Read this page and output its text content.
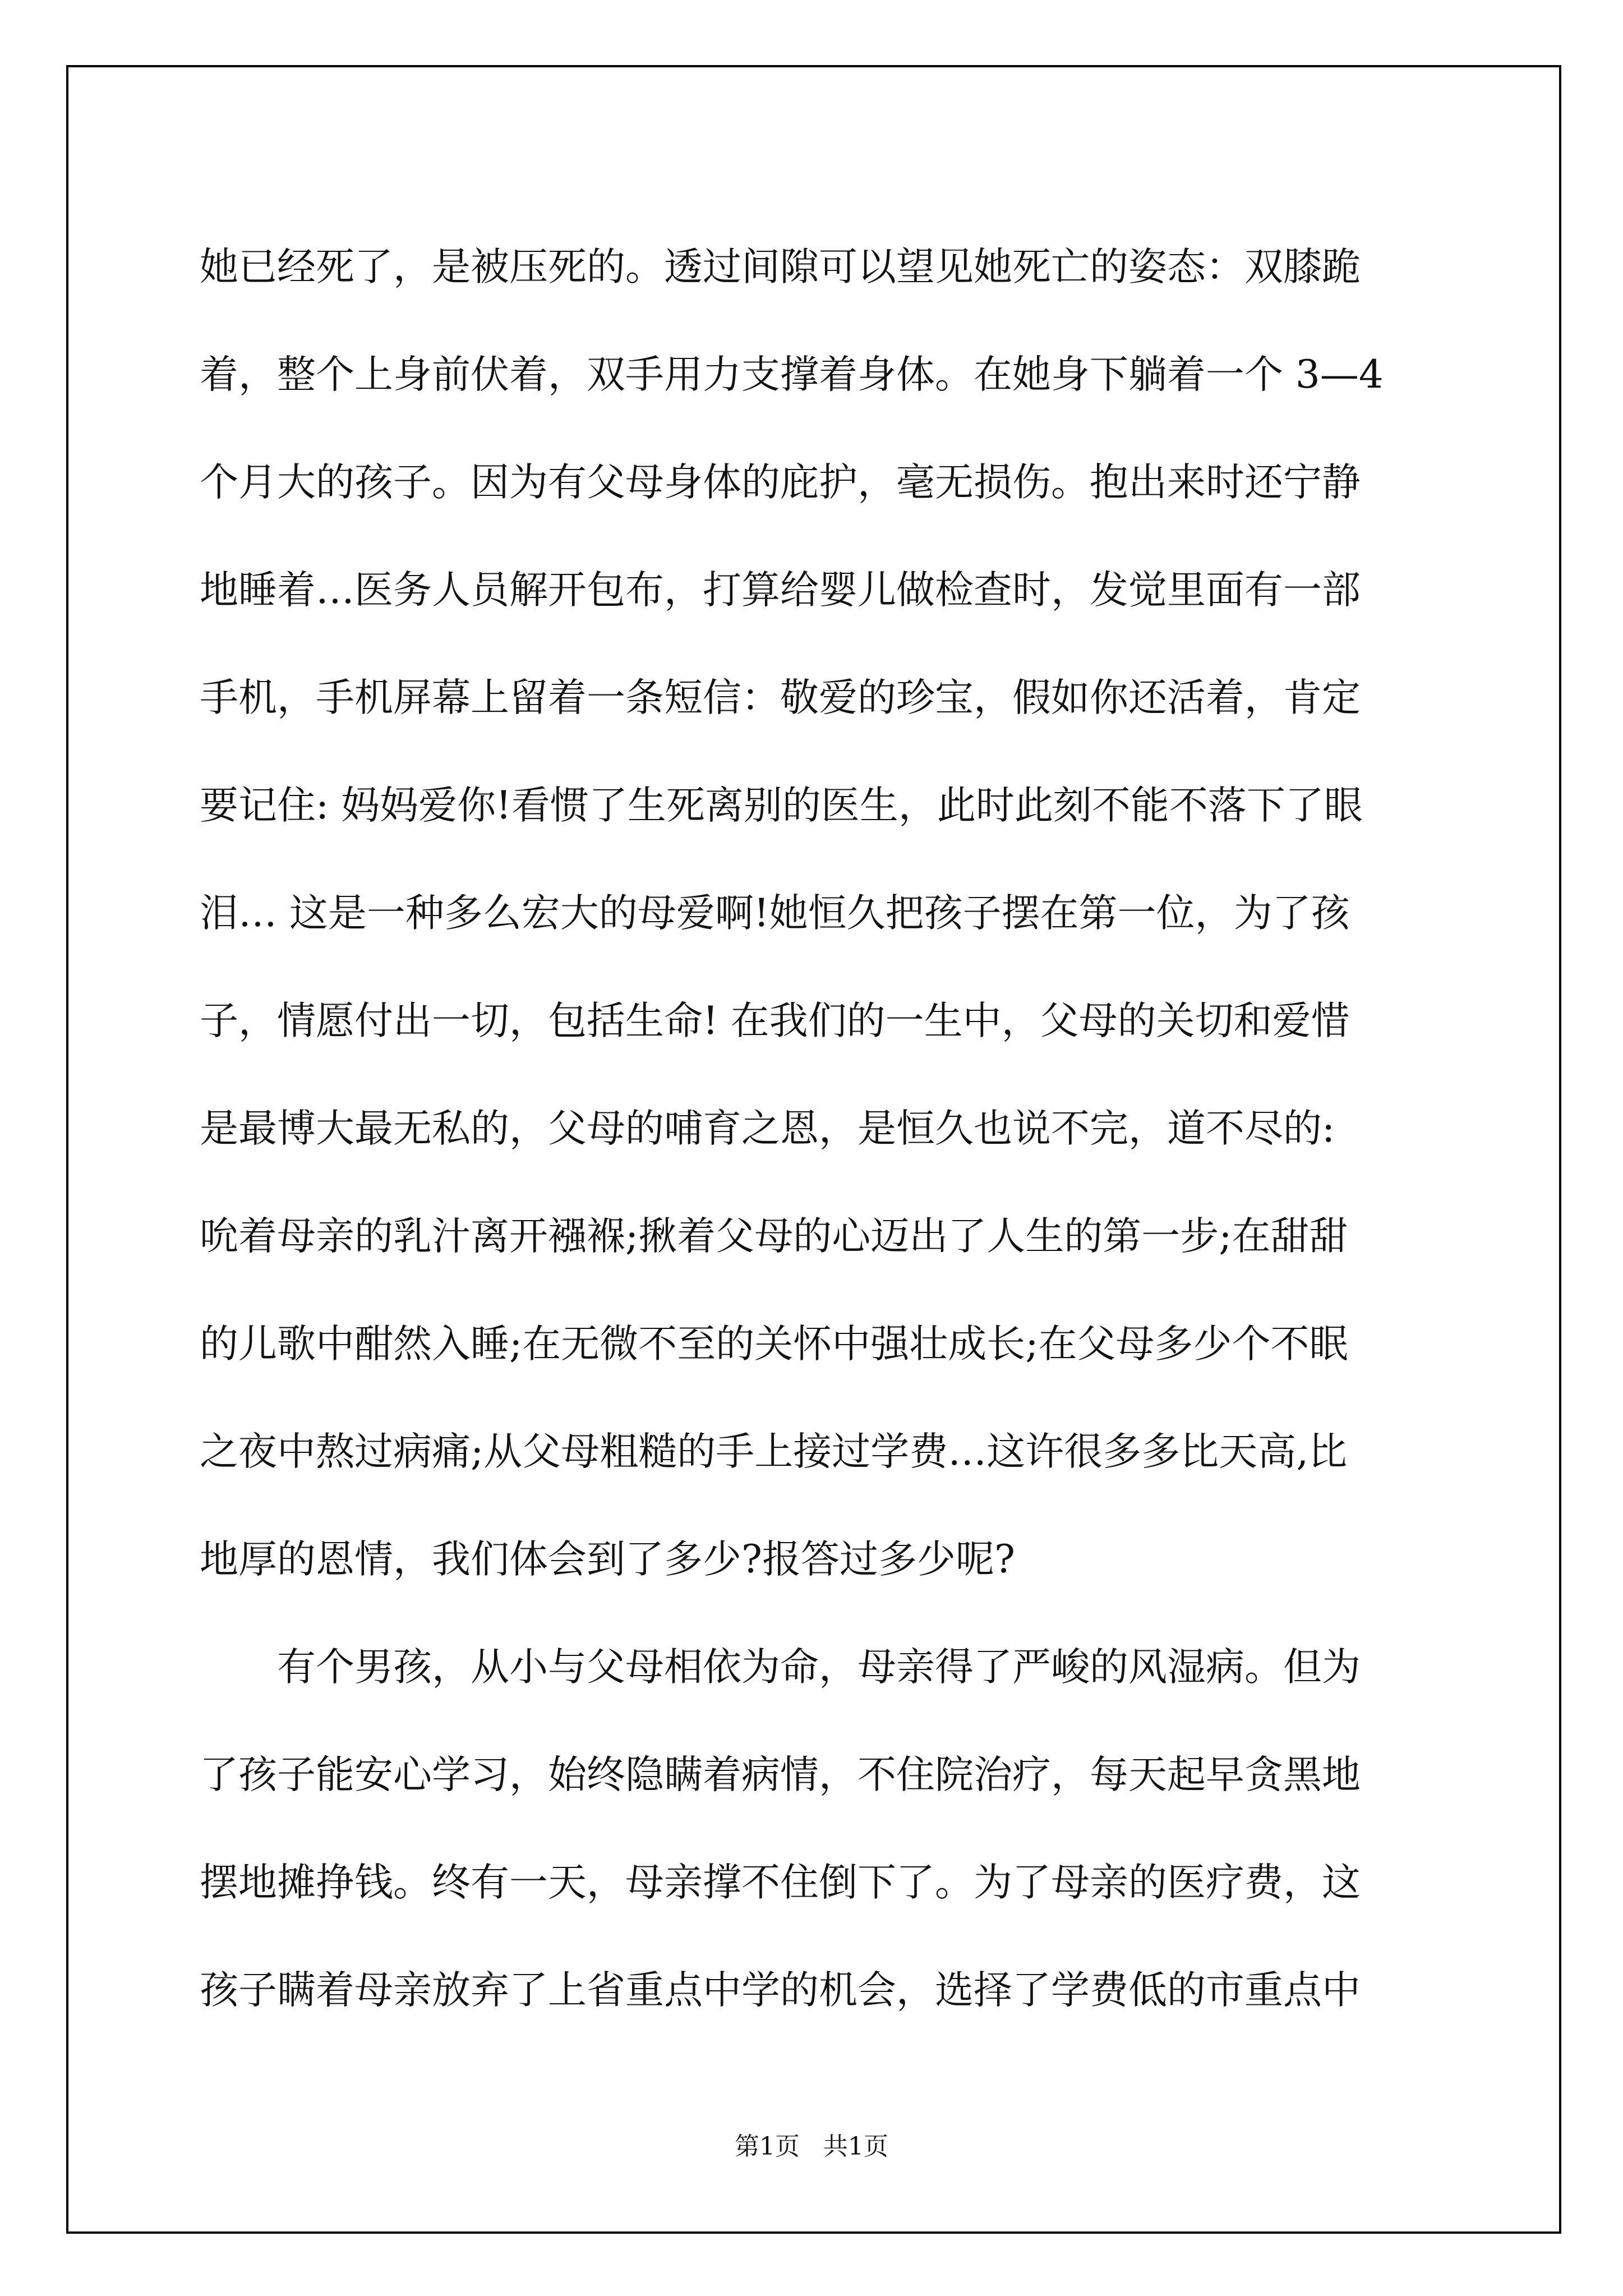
她已经死了，是被压死的。透过间隙可以望见她死亡的姿态：双膝跪
着，整个上身前伏着，双手用力支撑着身体。在她身下躺着一个 3—4
个月大的孩子。因为有父母身体的庇护，毫无损伤。抱出来时还宁静
地睡着…医务人员解开包布，打算给婴儿做检查时，发觉里面有一部
手机，手机屏幕上留着一条短信：敬爱的珍宝，假如你还活着，肯定
要记住: 妈妈爱你!看惯了生死离别的医生，此时此刻不能不落下了眼
泪… 这是一种多么宏大的母爱啊!她恒久把孩子摆在第一位，为了孩
子，情愿付出一切，包括生命! 在我们的一生中，父母的关切和爱惜
是最博大最无私的，父母的哺育之恩，是恒久也说不完，道不尽的:
吮着母亲的乳汁离开襁褓;揪着父母的心迈出了人生的第一步;在甜甜
的儿歌中酣然入睡;在无微不至的关怀中强壮成长;在父母多少个不眠
之夜中熬过病痛;从父母粗糙的手上接过学费…这许很多多比天高,比
地厚的恩情，我们体会到了多少?报答过多少呢?
有个男孩，从小与父母相依为命，母亲得了严峻的风湿病。但为
了孩子能安心学习，始终隐瞒着病情，不住院治疗，每天起早贪黑地
摆地摊挣钱。终有一天，母亲撑不住倒下了。为了母亲的医疗费，这
孩子瞒着母亲放弃了上省重点中学的机会，选择了学费低的市重点中
第1页   共1页
